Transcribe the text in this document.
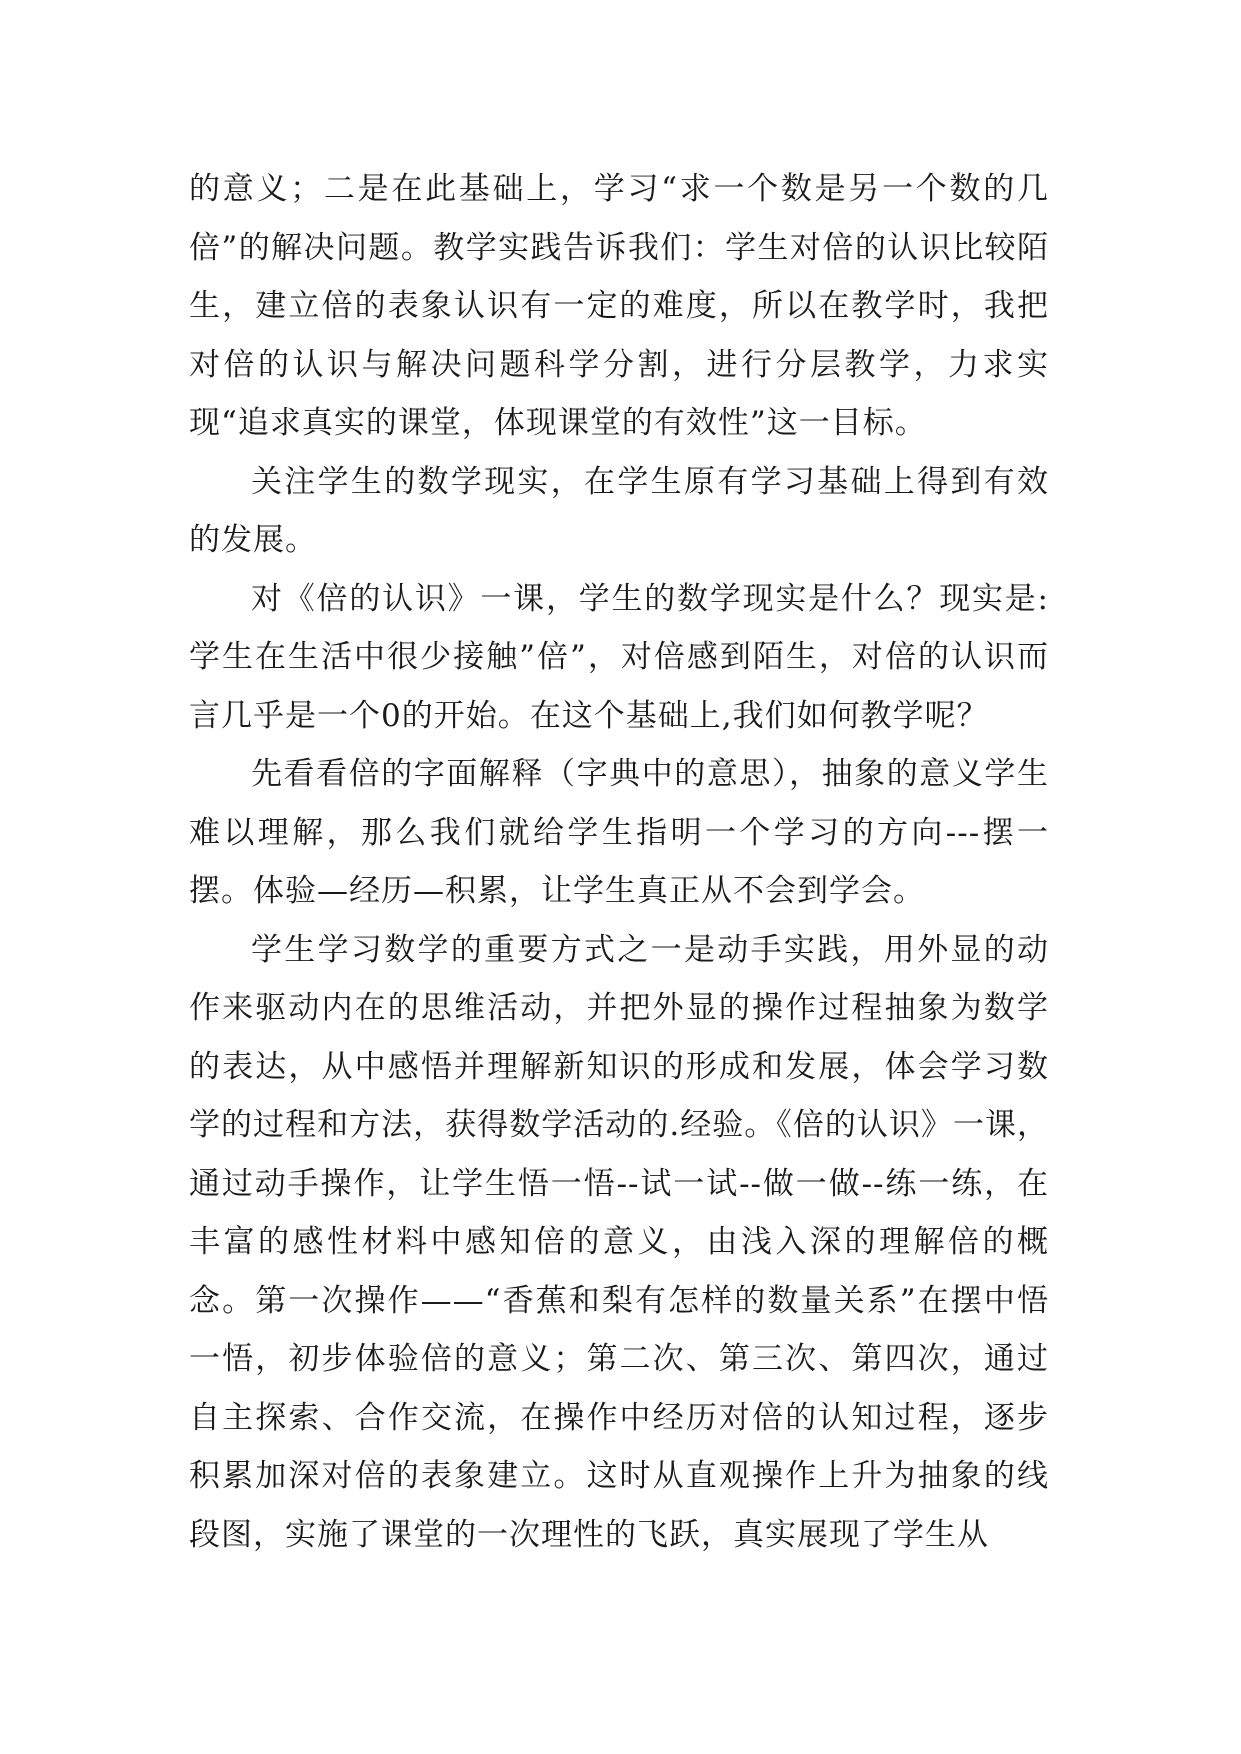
的意义；二是在此基础上，学习“求一个数是另一个数的几倍”的解决问题。教学实践告诉我们：学生对倍的认识比较陌生，建立倍的表象认识有一定的难度，所以在教学时，我把对倍的认识与解决问题科学分割，进行分层教学，力求实现“追求真实的课堂，体现课堂的有效性”这一目标。

关注学生的数学现实，在学生原有学习基础上得到有效的发展。

对《倍的认识》一课，学生的数学现实是什么？现实是:学生在生活中很少接触”倍”，对倍感到陌生，对倍的认识而言几乎是一个0的开始。在这个基础上,我们如何教学呢？

先看看倍的字面解释（字典中的意思），抽象的意义学生难以理解，那么我们就给学生指明一个学习的方向---摆一摆。体验—经历—积累，让学生真正从不会到学会。

学生学习数学的重要方式之一是动手实践，用外显的动作来驱动内在的思维活动，并把外显的操作过程抽象为数学的表达，从中感悟并理解新知识的形成和发展，体会学习数学的过程和方法，获得数学活动的.经验。《倍的认识》一课，通过动手操作，让学生悟一悟--试一试--做一做--练一练，在丰富的感性材料中感知倍的意义，由浅入深的理解倍的概念。第一次操作——“香蕉和梨有怎样的数量关系”在摆中悟一悟，初步体验倍的意义；第二次、第三次、第四次，通过自主探索、合作交流，在操作中经历对倍的认知过程，逐步积累加深对倍的表象建立。这时从直观操作上升为抽象的线段图，实施了课堂的一次理性的飞跃，真实展现了学生从
